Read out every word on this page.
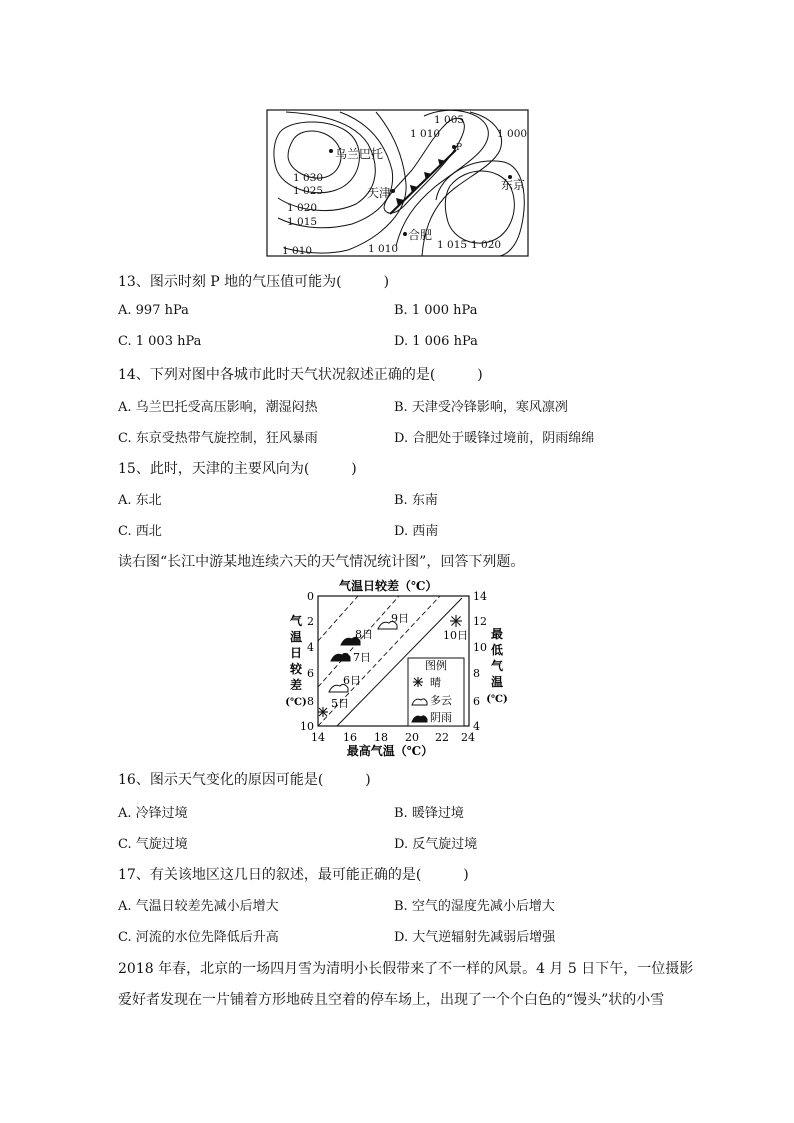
1 005
1 010	1 000
P
乌兰巴托
1 030
1 025	天津
东京
1 020
1 015
合肥
1 010	1 010	1 015 1 020
13、图示时刻 P 地的气压值可能为(　　　)
A. 997 hPa	B. 1 000 hPa
C. 1 003 hPa	D. 1 006 hPa
14、下列对图中各城市此时天气状况叙述正确的是(　　　)
A. 乌兰巴托受高压影响，潮湿闷热	B. 天津受冷锋影响，寒风凛冽
C. 东京受热带气旋控制，狂风暴雨	D. 合肥处于暖锋过境前，阴雨绵绵
15、此时，天津的主要风向为(　　　)
A. 东北	B. 东南
C. 西北	D. 西南
读右图“长江中游某地连续六天的天气情况统计图”，回答下列题。
气温日较差（℃）
0
2
4
6
8
10
14
12
10
8
6
4
14 16 18 20 22 24
最高气温（℃）
气
温
日
较
差
(℃)
最
低
气
温
(℃)
5日
6日
7日
8日
9日
10日
图例
晴
多云
阴雨
16、图示天气变化的原因可能是(　　　)
A. 冷锋过境	B. 暖锋过境
C. 气旋过境	D. 反气旋过境
17、有关该地区这几日的叙述，最可能正确的是(　　　)
A. 气温日较差先减小后增大	B. 空气的湿度先减小后增大
C. 河流的水位先降低后升高	D. 大气逆辐射先减弱后增强
2018 年春，北京的一场四月雪为清明小长假带来了不一样的风景。4 月 5 日下午，一位摄影
爱好者发现在一片铺着方形地砖且空着的停车场上，出现了一个个白色的“馒头”状的小雪
